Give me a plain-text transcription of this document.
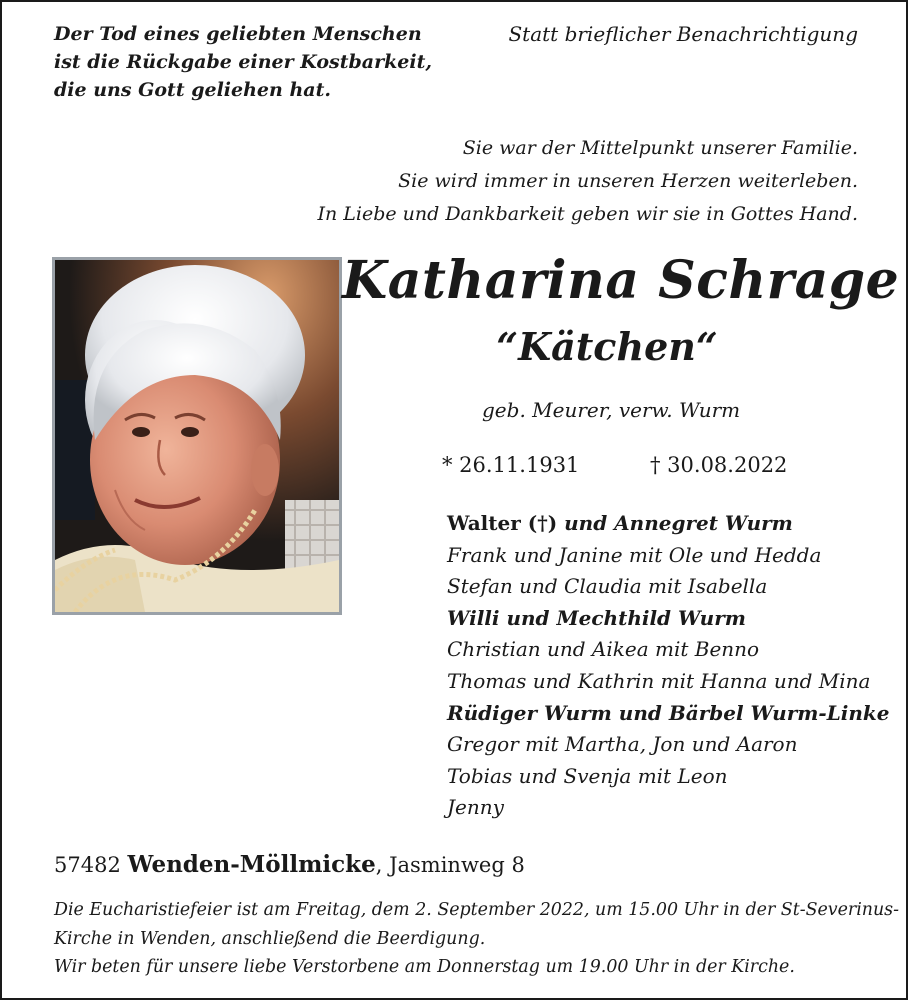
Der Tod eines geliebten Menschen
ist die Rückgabe einer Kostbarkeit,
die uns Gott geliehen hat.
Statt brieflicher Benachrichtigung
Sie war der Mittelpunkt unserer Familie.
Sie wird immer in unseren Herzen weiterleben.
In Liebe und Dankbarkeit geben wir sie in Gottes Hand.
Katharina Schrage
“Kätchen“
geb. Meurer, verw. Wurm
* 26.11.1931	† 30.08.2022
Walter (†) und Annegret Wurm
Frank und Janine mit Ole und Hedda
Stefan und Claudia mit Isabella
Willi und Mechthild Wurm
Christian und Aikea mit Benno
Thomas und Kathrin mit Hanna und Mina
Rüdiger Wurm und Bärbel Wurm-Linke
Gregor mit Martha, Jon und Aaron
Tobias und Svenja mit Leon
Jenny
57482 Wenden-Möllmicke, Jasminweg 8
Die Eucharistiefeier ist am Freitag, dem 2. September 2022, um 15.00 Uhr in der St-Severinus-
Kirche in Wenden, anschließend die Beerdigung.
Wir beten für unsere liebe Verstorbene am Donnerstag um 19.00 Uhr in der Kirche.
